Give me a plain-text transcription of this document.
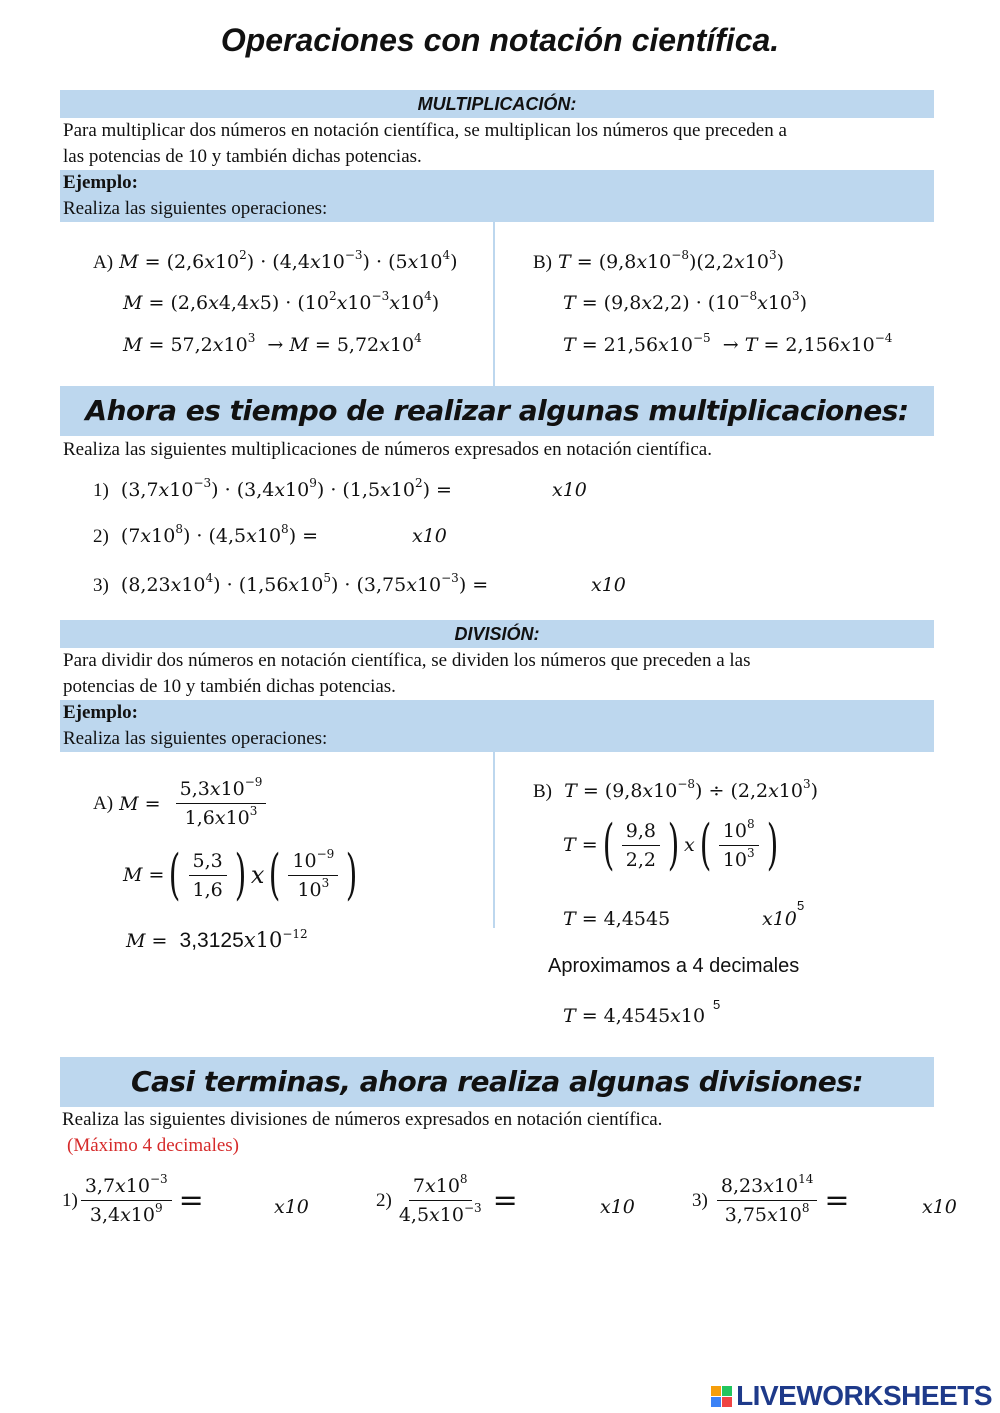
Operaciones con notación científica.
MULTIPLICACIÓN:
Para multiplicar dos números en notación científica, se multiplican los números que preceden a
las potencias de 10 y también dichas potencias.
Ejemplo:
Realiza las siguientes operaciones:
A) $M = (2,6x10^2) \cdot (4,4x10^{-3}) \cdot (5x10^4)$
$M = (2,6x4,4x5) \cdot (10^2x10^{-3}x10^4)$
$M = 57,2x10^3 \to M = 5,72x10^4$
B) $T = (9,8x10^{-8})(2,2x10^3)$
$T = (9,8x2,2) \cdot (10^{-8}x10^3)$
$T = 21,56x10^{-5} \to T = 2,156x10^{-4}$
Ahora es tiempo de realizar algunas multiplicaciones:
Realiza las siguientes multiplicaciones de números expresados en notación científica.
1)  $(3,7x10^{-3}) \cdot (3,4x10^9) \cdot (1,5x10^2)$ =	x10
2)  $(7x10^8) \cdot (4,5x10^8)$ =	x10
3)  $(8,23x10^4) \cdot (1,56x10^5) \cdot (3,75x10^{-3})$ =	x10
DIVISIÓN:
Para dividir dos números en notación científica, se dividen los números que preceden a las
potencias de 10 y también dichas potencias.
Ejemplo:
Realiza las siguientes operaciones:
A)
$M = \frac{5,3x10^{-9}}{1,6x10^3}$
M = ( $\frac{5,3}{1,6}$ ) x ( $\frac{10^{-9}}{10^3}$ )
$M = 3,3125x10^{-12}$
B) $T = (9,8x10^{-8}) \div (2,2x10^3)$
T = ( $\frac{9,8}{2,2}$ ) x ( $\frac{10^8}{10^3}$ )
T = 4,4545	x10
5
Aproximamos a 4 decimales
T = 4,4545x10
5
Casi terminas, ahora realiza algunas divisiones:
Realiza las siguientes divisiones de números expresados en notación científica.
(Máximo 4 decimales)
$1) \frac{3,7x10^{-3}}{3,4x10^9}$ =	x10	$2) \frac{7x10^8}{4,5x10^{-3}}$ =	x10	3)
$\frac{8,23x10^{14}}{3,75x10^8}$ =	x10
LIVEWORKSHEETS
